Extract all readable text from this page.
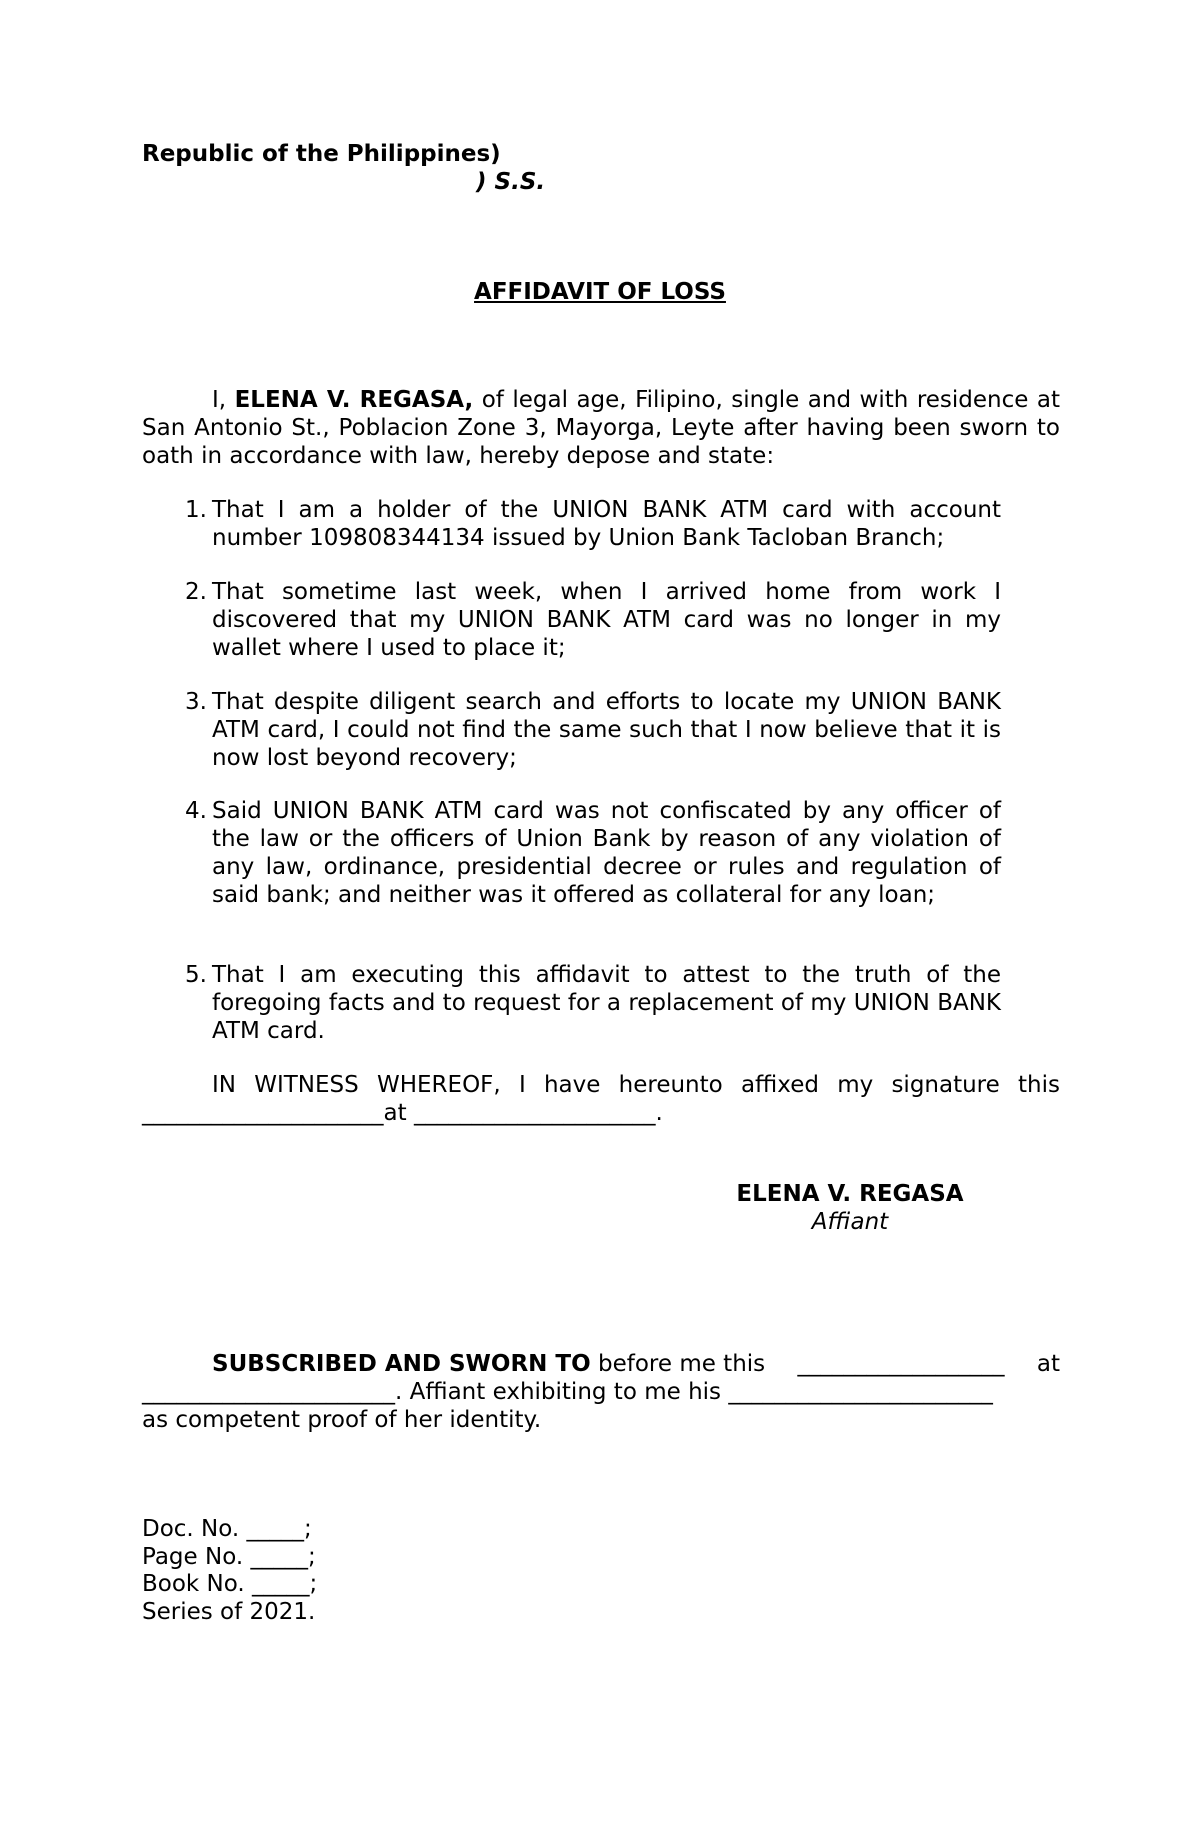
Republic of the Philippines)
) S.S.
AFFIDAVIT OF LOSS
I, ELENA V. REGASA, of legal age, Filipino, single and with residence at San Antonio St., Poblacion Zone 3, Mayorga, Leyte after having been sworn to oath in accordance with law, hereby depose and state:
1. That I am a holder of the UNION BANK ATM card with account number 109808344134 issued by Union Bank Tacloban Branch;
2. That sometime last week, when I arrived home from work I discovered that my UNION BANK ATM card was no longer in my wallet where I used to place it;
3. That despite diligent search and efforts to locate my UNION BANK ATM card, I could not find the same such that I now believe that it is now lost beyond recovery;
4. Said UNION BANK ATM card was not confiscated by any officer of the law or the officers of Union Bank by reason of any violation of any law, ordinance, presidential decree or rules and regulation of said bank; and neither was it offered as collateral for any loan;
5. That I am executing this affidavit to attest to the truth of the foregoing facts and to request for a replacement of my UNION BANK ATM card.
IN WITNESS WHEREOF, I have hereunto affixed my signature this
_____________________at _____________________.
ELENA V. REGASA
Affiant
SUBSCRIBED AND SWORN TO before me this __________________ at
______________________. Affiant exhibiting to me his _______________________
as competent proof of her identity.
Doc. No. _____;
Page No. _____;
Book No. _____;
Series of 2021.
